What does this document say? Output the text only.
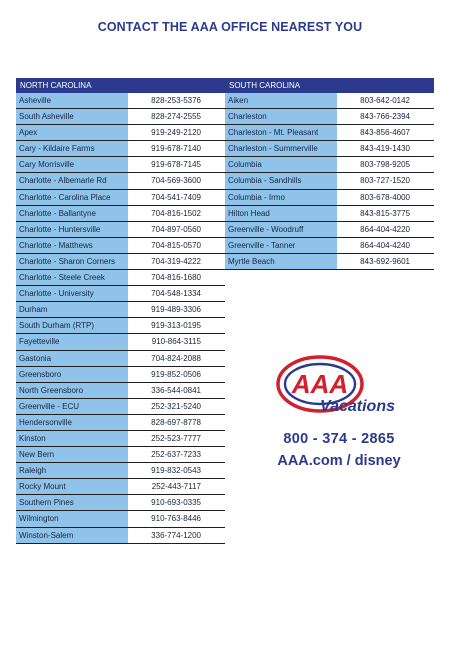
CONTACT THE AAA OFFICE NEAREST YOU
NORTH CAROLINA
Asheville	828-253-5376
South Asheville	828-274-2555
Apex	919-249-2120
Cary - Kildaire Farms	919-678-7140
Cary Morrisville	919-678-7145
Charlotte - Albemarle Rd	704-569-3600
Charlotte - Carolina Place	704-541-7409
Charlotte - Ballantyne	704-816-1502
Charlotte - Huntersville	704-897-0560
Charlotte - Matthews	704-815-0570
Charlotte - Sharon Corners	704-319-4222
Charlotte - Steele Creek	704-816-1680
Charlotte - University	704-548-1334
Durham	919-489-3306
South Durham (RTP)	919-313-0195
Fayetteville	910-864-3115
Gastonia	704-824-2088
Greensboro	919-852-0506
North Greensboro	336-544-0841
Greenville - ECU	252-321-5240
Hendersonville	828-697-8778
Kinston	252-523-7777
New Bern	252-637-7233
Raleigh	919-832-0543
Rocky Mount	252-443-7117
Southern Pines	910-693-0335
Wilmington	910-763-8446
Winston-Salem	336-774-1200
SOUTH CAROLINA
Aiken	803-642-0142
Charleston	843-766-2394
Charleston - Mt. Pleasant	843-856-4607
Charleston - Summerville	843-419-1430
Columbia	803-798-9205
Columbia - Sandhills	803-727-1520
Columbia - Irmo	803-678-4000
Hilton Head	843-815-3775
Greenville - Woodruff	864-404-4220
Greenville - Tanner	864-404-4240
Myrtle Beach	843-692-9601
AAA
Vacations
800 - 374 - 2865
AAA.com / disney
